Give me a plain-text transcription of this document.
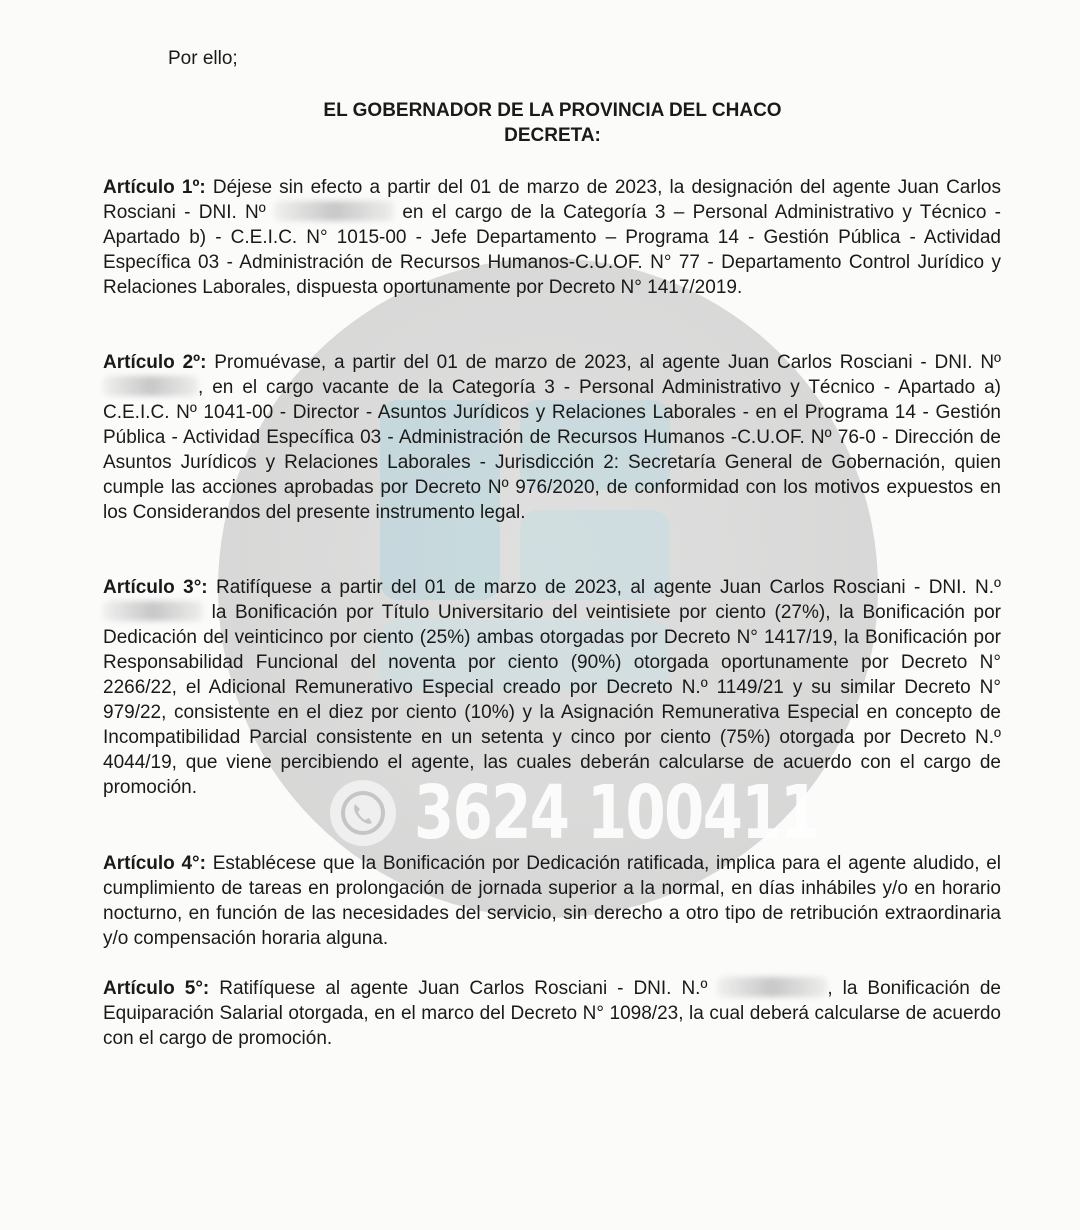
3624 100411
Por ello;
EL GOBERNADOR DE LA PROVINCIA DEL CHACO
DECRETA:
Artículo 1º: Déjese sin efecto a partir del 01 de marzo de 2023, la designación del agente Juan Carlos Rosciani - DNI. Nº	en el cargo de la Categoría 3 – Personal Administrativo y Técnico - Apartado b) - C.E.I.C. N° 1015-00 - Jefe Departamento – Programa 14 - Gestión Pública - Actividad Específica 03 - Administración de Recursos Humanos-C.U.OF. N° 77 - Departamento Control Jurídico y Relaciones Laborales, dispuesta oportunamente por Decreto N° 1417/2019.
Artículo 2º: Promuévase, a partir del 01 de marzo de 2023, al agente Juan Carlos Rosciani - DNI. Nº , en el cargo vacante de la Categoría 3 - Personal Administrativo y Técnico - Apartado a) C.E.I.C. Nº 1041-00 - Director - Asuntos Jurídicos y Relaciones Laborales - en el Programa 14 - Gestión Pública - Actividad Específica 03 - Administración de Recursos Humanos -C.U.OF. Nº 76-0 - Dirección de Asuntos Jurídicos y Relaciones Laborales - Jurisdicción 2: Secretaría General de Gobernación, quien cumple las acciones aprobadas por Decreto Nº 976/2020, de conformidad con los motivos expuestos en los Considerandos del presente instrumento legal.
Artículo 3°: Ratifíquese a partir del 01 de marzo de 2023, al agente Juan Carlos Rosciani - DNI. N.º  la Bonificación por Título Universitario del veintisiete por ciento (27%), la Bonificación por Dedicación del veinticinco por ciento (25%) ambas otorgadas por Decreto N° 1417/19, la Bonificación por Responsabilidad Funcional del noventa por ciento (90%) otorgada oportunamente por Decreto N° 2266/22, el Adicional Remunerativo Especial creado por Decreto N.º 1149/21 y su similar Decreto N° 979/22, consistente en el diez por ciento (10%) y la Asignación Remunerativa Especial en concepto de Incompatibilidad Parcial consistente en un setenta y cinco por ciento (75%) otorgada por Decreto N.º 4044/19, que viene percibiendo el agente, las cuales deberán calcularse de acuerdo con el cargo de promoción.
Artículo 4°: Establécese que la Bonificación por Dedicación ratificada, implica para el agente aludido, el cumplimiento de tareas en prolongación de jornada superior a la normal, en días inhábiles y/o en horario nocturno, en función de las necesidades del servicio, sin derecho a otro tipo de retribución extraordinaria y/o compensación horaria alguna.
Artículo 5°: Ratifíquese al agente Juan Carlos Rosciani - DNI. N.º	, la Bonificación de Equiparación Salarial otorgada, en el marco del Decreto N° 1098/23, la cual deberá calcularse de acuerdo con el cargo de promoción.
